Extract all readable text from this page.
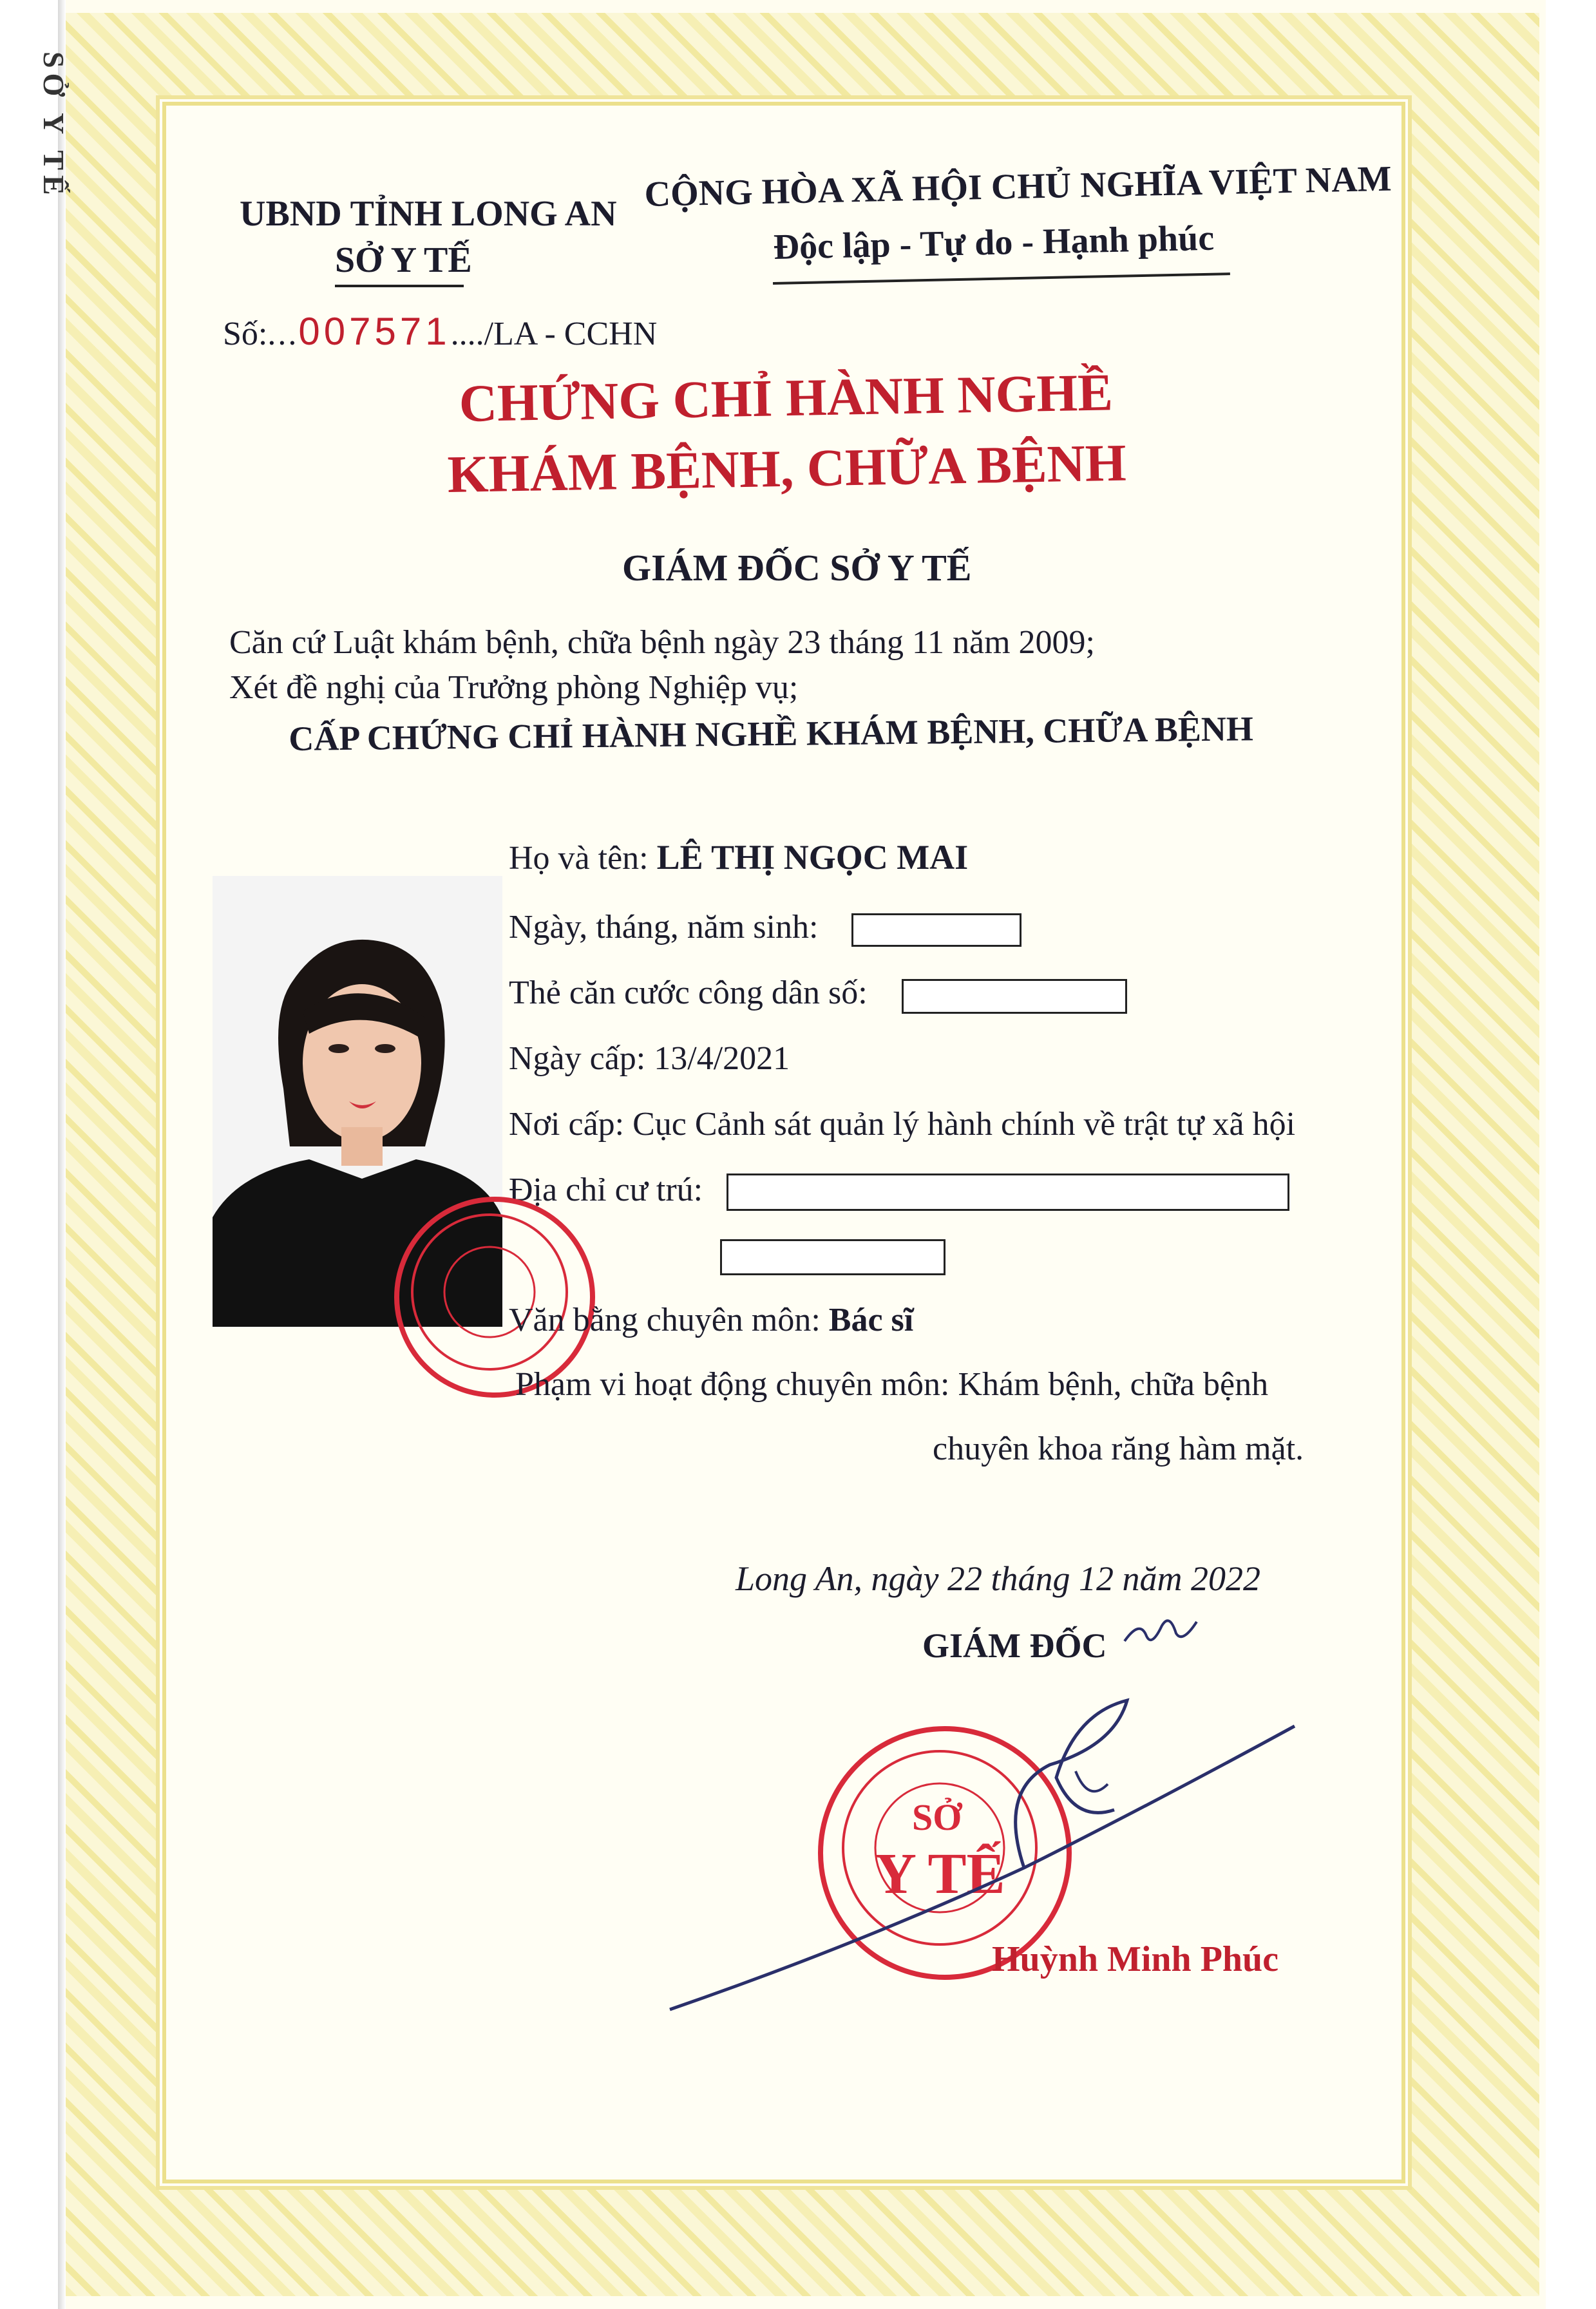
SỞ Y TẾ
UBND TỈNH LONG AN
SỞ Y TẾ
CỘNG HÒA XÃ HỘI CHỦ NGHĨA VIỆT NAM
Độc lập - Tự do - Hạnh phúc
Số:...007571..../LA - CCHN
CHỨNG CHỈ HÀNH NGHỀ
KHÁM BỆNH, CHỮA BỆNH
GIÁM ĐỐC SỞ Y TẾ
Căn cứ Luật khám bệnh, chữa bệnh ngày 23 tháng 11 năm 2009;
Xét đề nghị của Trưởng phòng Nghiệp vụ;
CẤP CHỨNG CHỈ HÀNH NGHỀ KHÁM BỆNH, CHỮA BỆNH
Họ và tên: LÊ THỊ NGỌC MAI
Ngày, tháng, năm sinh:
Thẻ căn cước công dân số:
Ngày cấp: 13/4/2021
Nơi cấp: Cục Cảnh sát quản lý hành chính về trật tự xã hội
Địa chỉ cư trú:
Văn bằng chuyên môn: Bác sĩ
Phạm vi hoạt động chuyên môn: Khám bệnh, chữa bệnh
chuyên khoa răng hàm mặt.
Long An, ngày 22 tháng 12 năm 2022
GIÁM ĐỐC
SỞ
Y TẾ
Huỳnh Minh Phúc
